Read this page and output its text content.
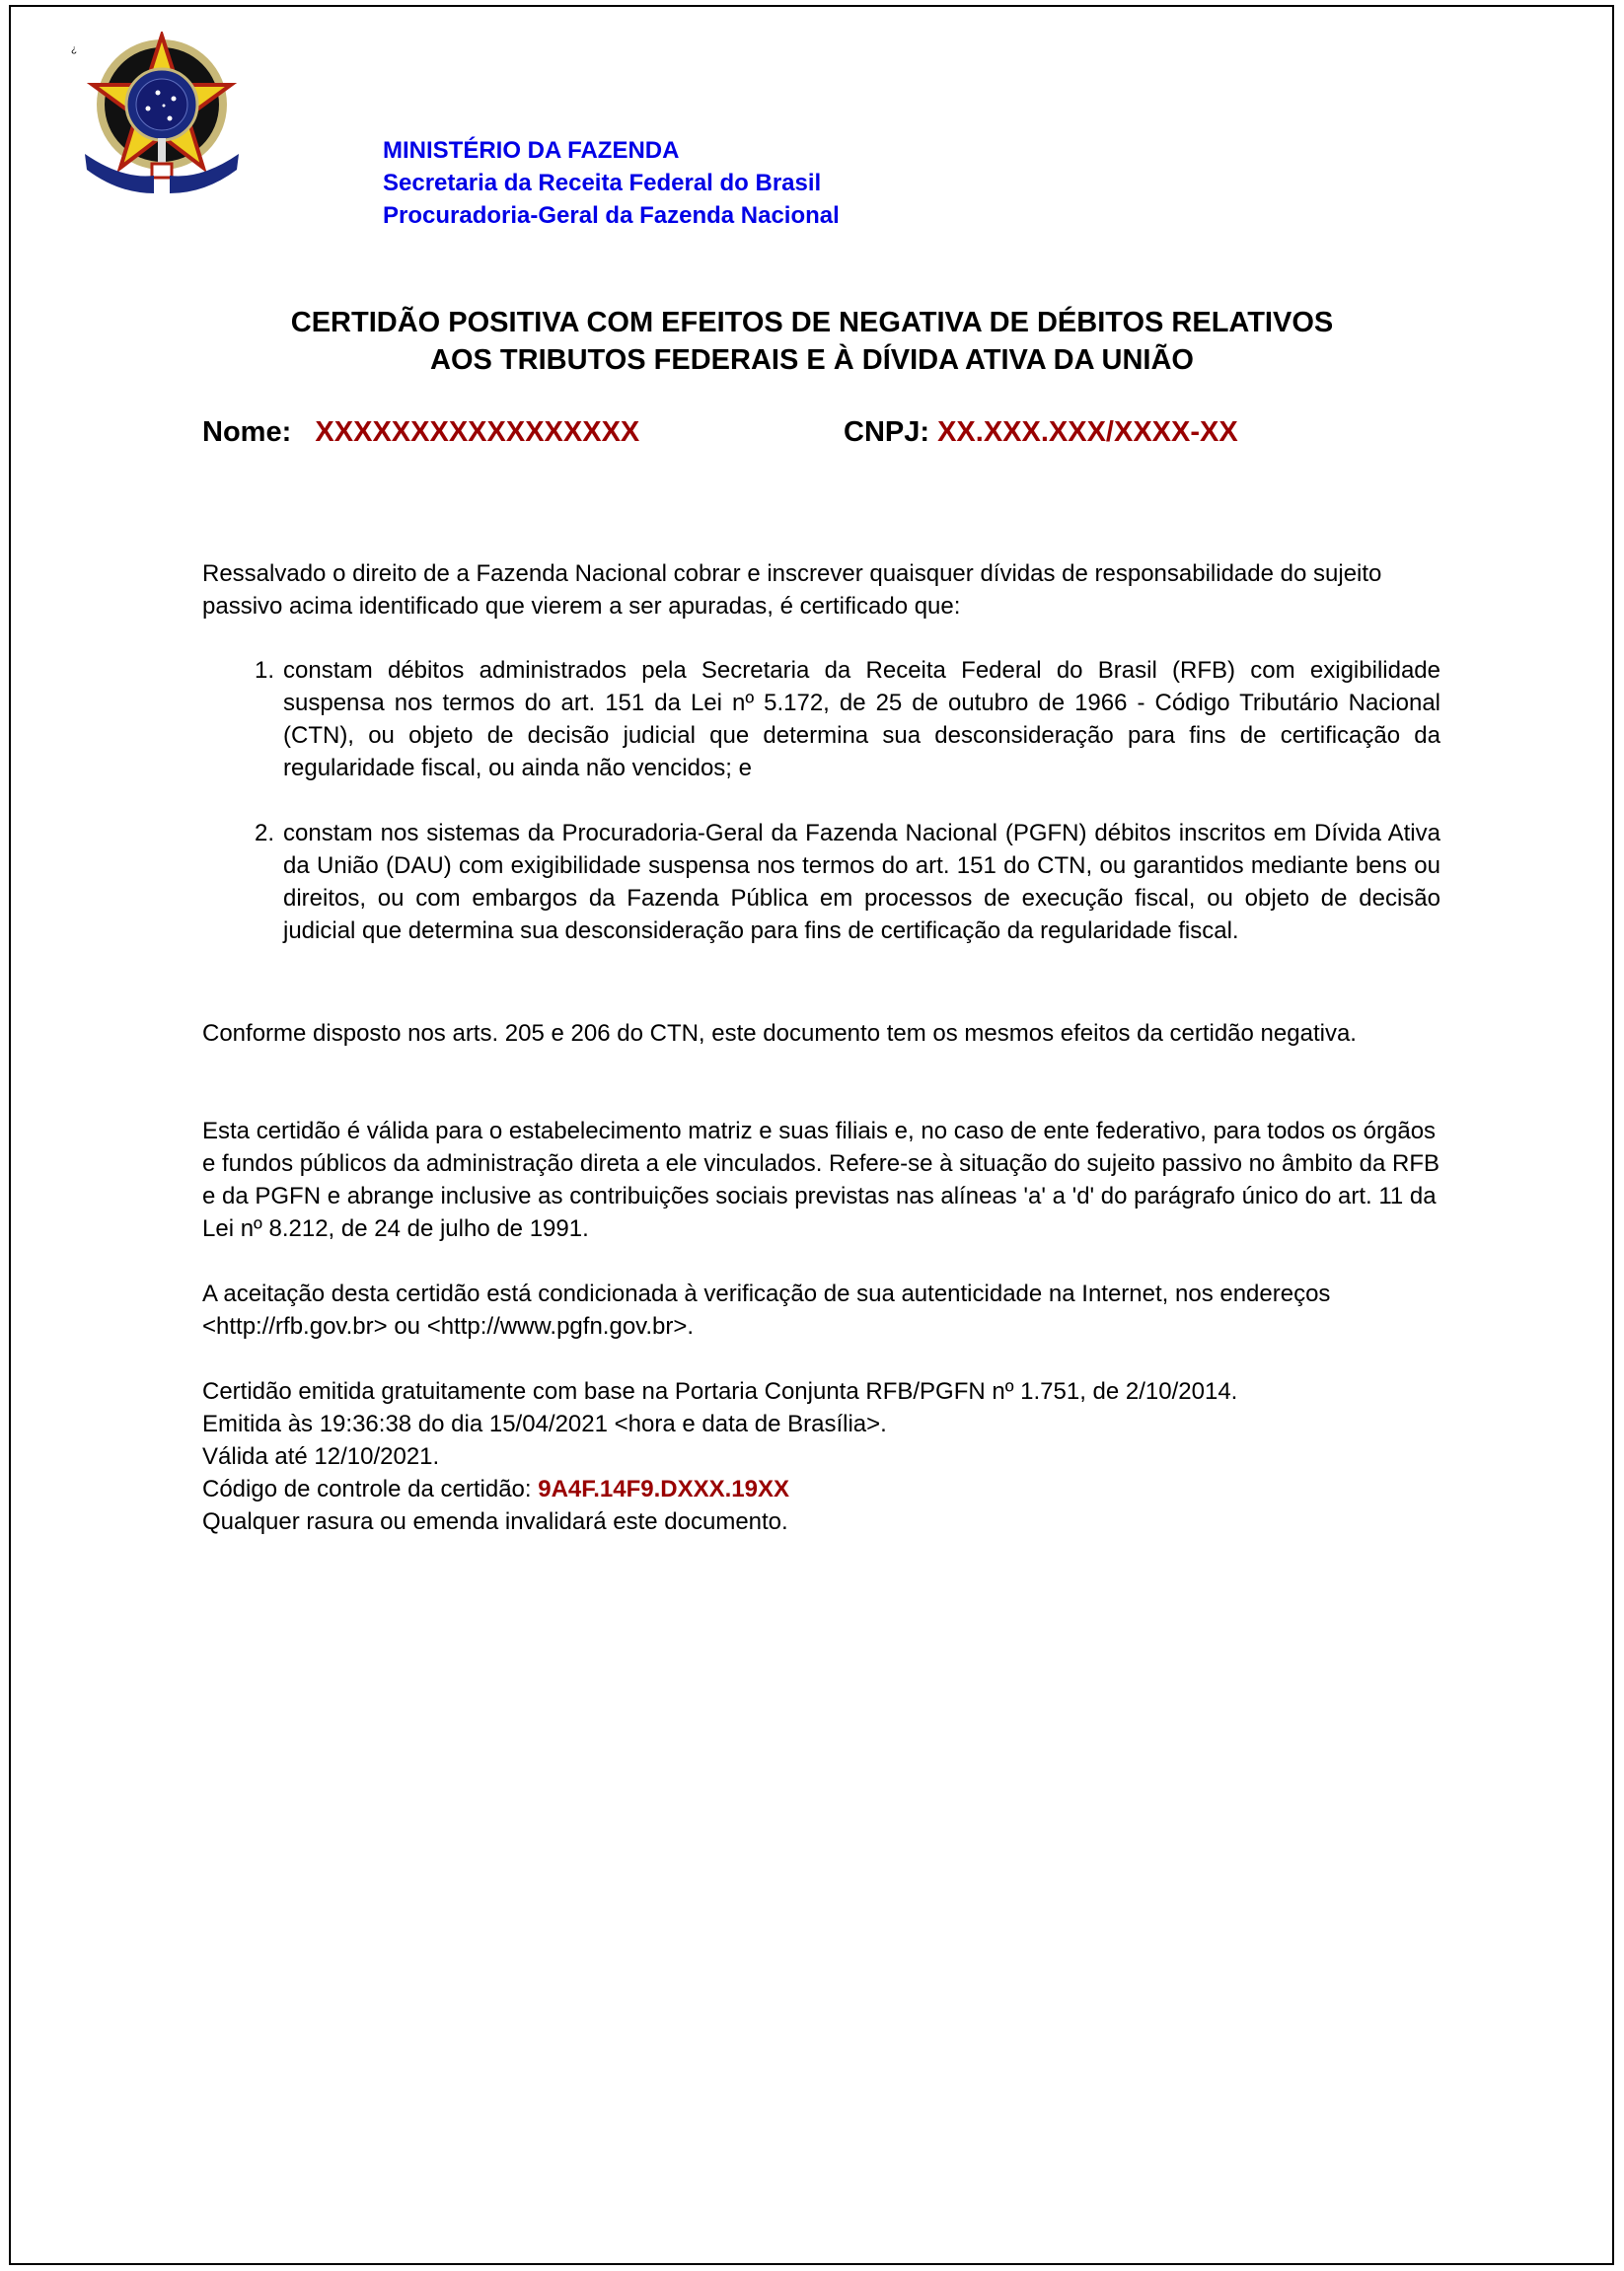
¿
MINISTÉRIO DA FAZENDA
Secretaria da Receita Federal do Brasil
Procuradoria-Geral da Fazenda Nacional
CERTIDÃO POSITIVA COM EFEITOS DE NEGATIVA DE DÉBITOS RELATIVOS
AOS TRIBUTOS FEDERAIS E À DÍVIDA ATIVA DA UNIÃO
Nome: XXXXXXXXXXXXXXXXX	CNPJ: XX.XXX.XXX/XXXX-XX
Ressalvado o direito de a Fazenda Nacional cobrar e inscrever quaisquer dívidas de responsabilidade do sujeito passivo acima identificado que vierem a ser apuradas, é certificado que:
1. constam débitos administrados pela Secretaria da Receita Federal do Brasil (RFB) com exigibilidade suspensa nos termos do art. 151 da Lei nº 5.172, de 25 de outubro de 1966 - Código Tributário Nacional (CTN), ou objeto de decisão judicial que determina sua desconsideração para fins de certificação da regularidade fiscal, ou ainda não vencidos; e
2. constam nos sistemas da Procuradoria-Geral da Fazenda Nacional (PGFN) débitos inscritos em Dívida Ativa da União (DAU) com exigibilidade suspensa nos termos do art. 151 do CTN, ou garantidos mediante bens ou direitos, ou com embargos da Fazenda Pública em processos de execução fiscal, ou objeto de decisão judicial que determina sua desconsideração para fins de certificação da regularidade fiscal.
Conforme disposto nos arts. 205 e 206 do CTN, este documento tem os mesmos efeitos da certidão negativa.
Esta certidão é válida para o estabelecimento matriz e suas filiais e, no caso de ente federativo, para todos os órgãos e fundos públicos da administração direta a ele vinculados. Refere-se à situação do sujeito passivo no âmbito da RFB e da PGFN e abrange inclusive as contribuições sociais previstas nas alíneas 'a' a 'd' do parágrafo único do art. 11 da Lei nº 8.212, de 24 de julho de 1991.
A aceitação desta certidão está condicionada à verificação de sua autenticidade na Internet, nos endereços <http://rfb.gov.br> ou <http://www.pgfn.gov.br>.
Certidão emitida gratuitamente com base na Portaria Conjunta RFB/PGFN nº 1.751, de 2/10/2014.
Emitida às 19:36:38 do dia 15/04/2021 <hora e data de Brasília>.
Válida até 12/10/2021.
Código de controle da certidão: 9A4F.14F9.DXXX.19XX
Qualquer rasura ou emenda invalidará este documento.
